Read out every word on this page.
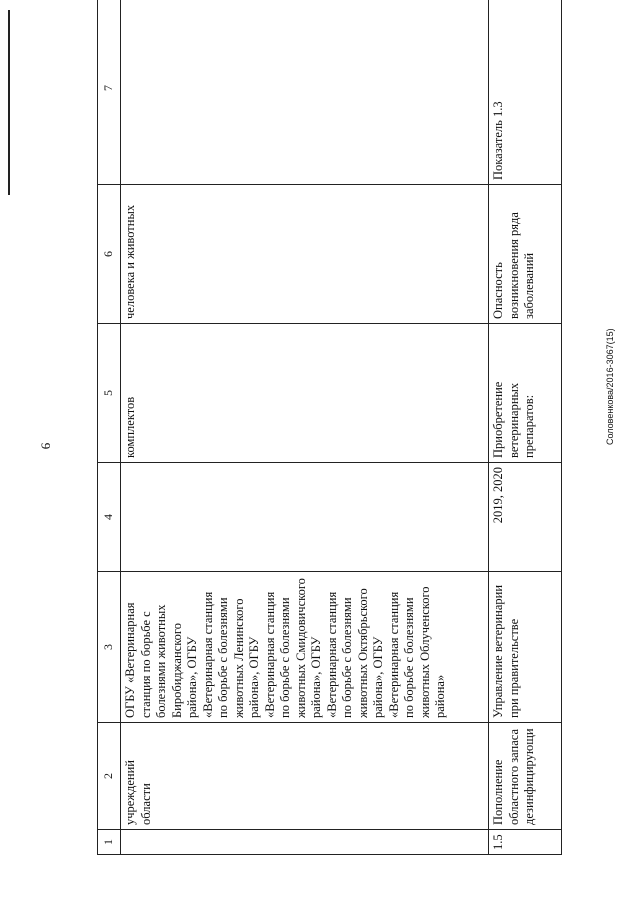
9
Соловенкова/2016-3067(15)
1	2	3	4	5	6	7
	учреждений области	ОГБУ «Ветеринарная станция по борьбе с болезнями животных Биробиджанского района», ОГБУ «Ветеринарная станция по борьбе с болезнями животных Ленинского района», ОГБУ «Ветеринарная станция по борьбе с болезнями животных Смидовичского района», ОГБУ «Ветеринарная станция по борьбе с болезнями животных Октябрьского района», ОГБУ «Ветеринарная станция по борьбе с болезнями животных Облученского района»		комплектов	человека и животных	
1.5	Пополнение областного запаса дезинфицирующи	Управление ветеринарии при правительстве	2019, 2020	Приобретение ветеринарных препаратов:	Опасность возникновения ряда заболеваний	Показатель 1.3
